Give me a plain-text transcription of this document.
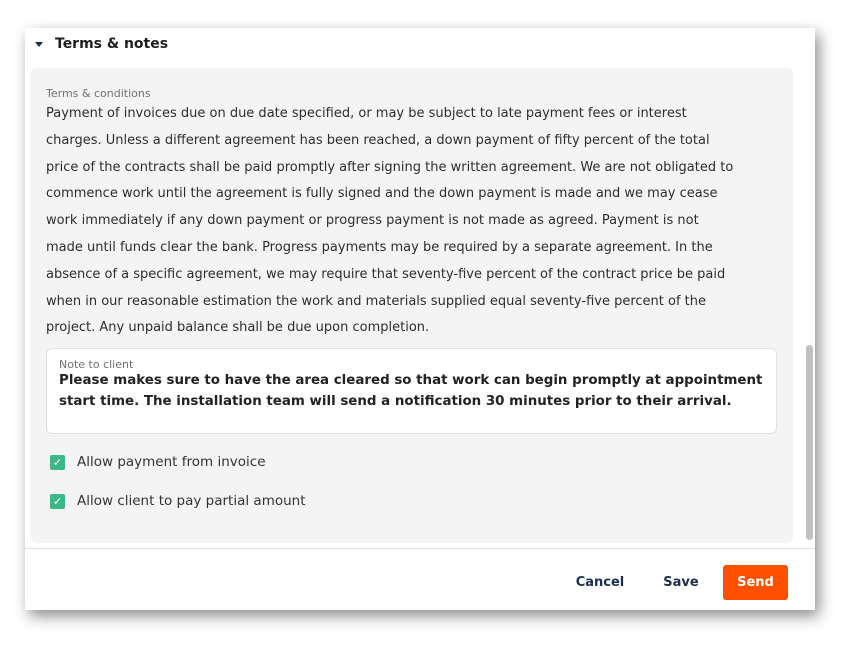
Terms & notes
Terms & conditions
Payment of invoices due on due date specified, or may be subject to late payment fees or interest
charges. Unless a different agreement has been reached, a down payment of fifty percent of the total
price of the contracts shall be paid promptly after signing the written agreement. We are not obligated to
commence work until the agreement is fully signed and the down payment is made and we may cease
work immediately if any down payment or progress payment is not made as agreed. Payment is not
made until funds clear the bank. Progress payments may be required by a separate agreement. In the
absence of a specific agreement, we may require that seventy-five percent of the contract price be paid
when in our reasonable estimation the work and materials supplied equal seventy-five percent of the
project. Any unpaid balance shall be due upon completion.
Note to client
Please makes sure to have the area cleared so that work can begin promptly at appointment
start time. The installation team will send a notification 30 minutes prior to their arrival.
✓ Allow payment from invoice
✓ Allow client to pay partial amount
Cancel	Save	Send
